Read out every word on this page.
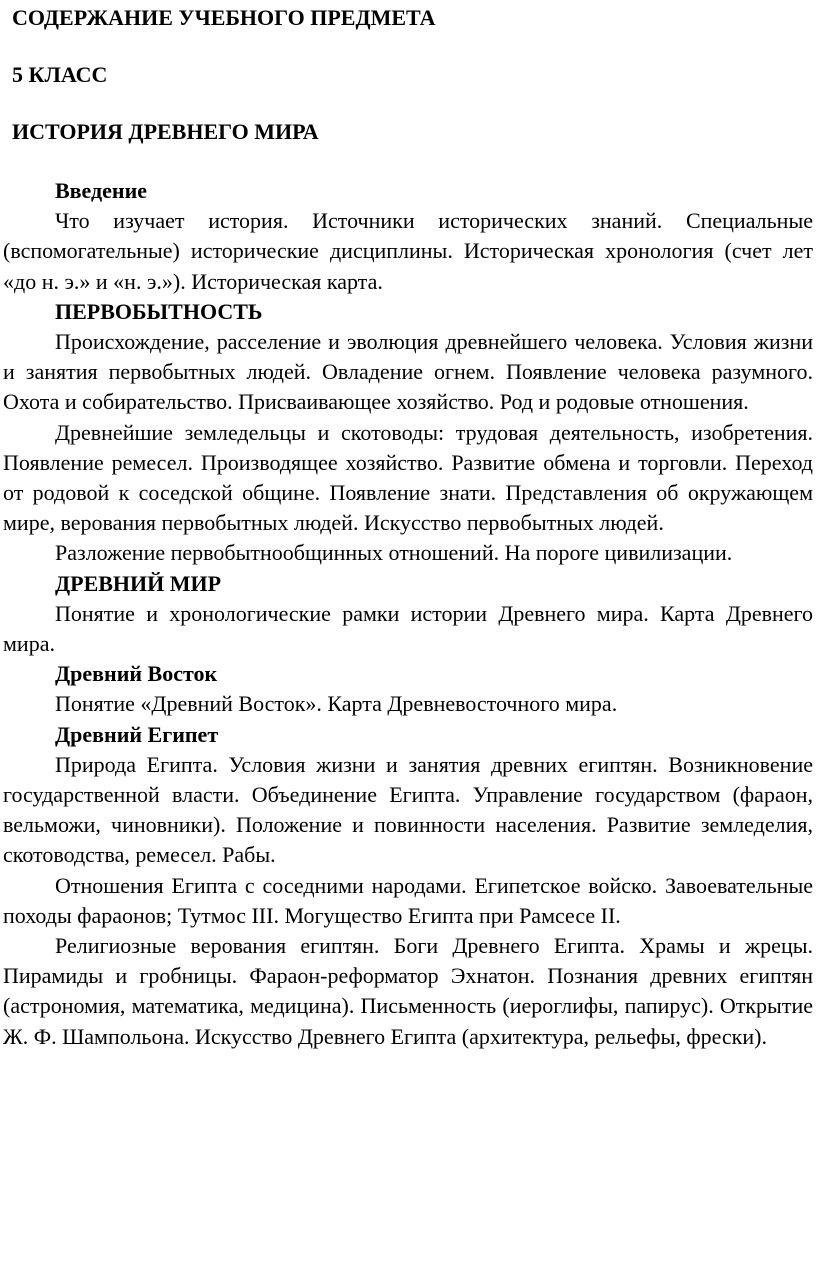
СОДЕРЖАНИЕ УЧЕБНОГО ПРЕДМЕТА
5 КЛАСС
ИСТОРИЯ ДРЕВНЕГО МИРА
Введение

Что изучает история. Источники исторических знаний. Специальные (вспомогательные) исторические дисциплины. Историческая хронология (счет лет «до н. э.» и «н. э.»). Историческая карта.

ПЕРВОБЫТНОСТЬ

Происхождение, расселение и эволюция древнейшего человека. Условия жизни и занятия первобытных людей. Овладение огнем. Появление человека разумного. Охота и собирательство. Присваивающее хозяйство. Род и родовые отношения.

Древнейшие земледельцы и скотоводы: трудовая деятельность, изобретения. Появление ремесел. Производящее хозяйство. Развитие обмена и торговли. Переход от родовой к соседской общине. Появление знати. Представления об окружающем мире, верования первобытных людей. Искусство первобытных людей.

Разложение первобытнообщинных отношений. На пороге цивилизации.

ДРЕВНИЙ МИР

Понятие и хронологические рамки истории Древнего мира. Карта Древнего мира.

Древний Восток

Понятие «Древний Восток». Карта Древневосточного мира.

Древний Египет

Природа Египта. Условия жизни и занятия древних египтян. Возникновение государственной власти. Объединение Египта. Управление государством (фараон, вельможи, чиновники). Положение и повинности населения. Развитие земледелия, скотоводства, ремесел. Рабы.

Отношения Египта с соседними народами. Египетское войско. Завоевательные походы фараонов; Тутмос III. Могущество Египта при Рамсесе II.

Религиозные верования египтян. Боги Древнего Египта. Храмы и жрецы. Пирамиды и гробницы. Фараон-реформатор Эхнатон. Познания древних египтян (астрономия, математика, медицина). Письменность (иероглифы, папирус). Открытие Ж. Ф. Шампольона. Искусство Древнего Египта (архитектура, рельефы, фрески).
